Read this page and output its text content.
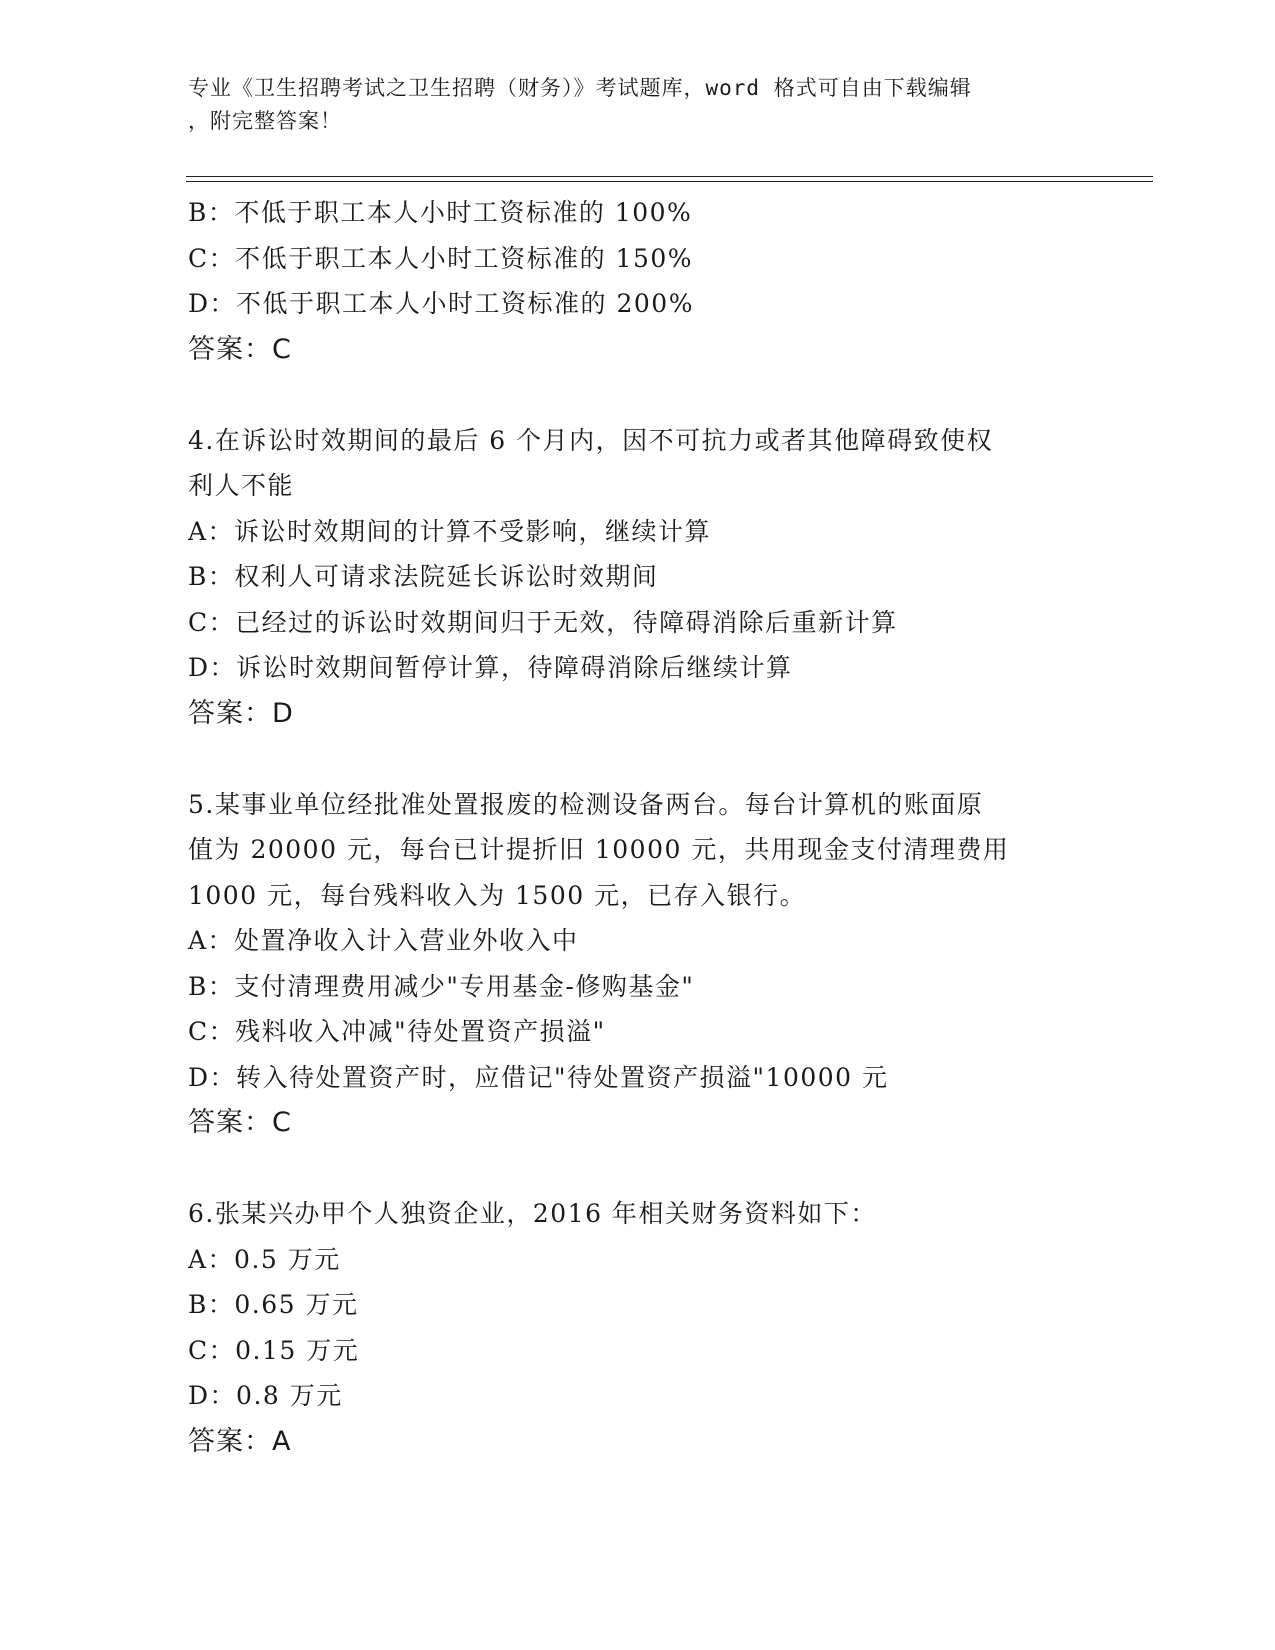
专业《卫生招聘考试之卫生招聘（财务）》考试题库，word 格式可自由下载编辑
，附完整答案！
B：不低于职工本人小时工资标准的 100%
C：不低于职工本人小时工资标准的 150%
D：不低于职工本人小时工资标准的 200%
答案：C
4.在诉讼时效期间的最后 6 个月内，因不可抗力或者其他障碍致使权
利人不能
A：诉讼时效期间的计算不受影响，继续计算
B：权利人可请求法院延长诉讼时效期间
C：已经过的诉讼时效期间归于无效，待障碍消除后重新计算
D：诉讼时效期间暂停计算，待障碍消除后继续计算
答案：D
5.某事业单位经批准处置报废的检测设备两台。每台计算机的账面原
值为 20000 元，每台已计提折旧 10000 元，共用现金支付清理费用
1000 元，每台残料收入为 1500 元，已存入银行。
A：处置净收入计入营业外收入中
B：支付清理费用减少"专用基金-修购基金"
C：残料收入冲减"待处置资产损溢"
D：转入待处置资产时，应借记"待处置资产损溢"10000 元
答案：C
6.张某兴办甲个人独资企业，2016 年相关财务资料如下：
A：0.5 万元
B：0.65 万元
C：0.15 万元
D：0.8 万元
答案：A
